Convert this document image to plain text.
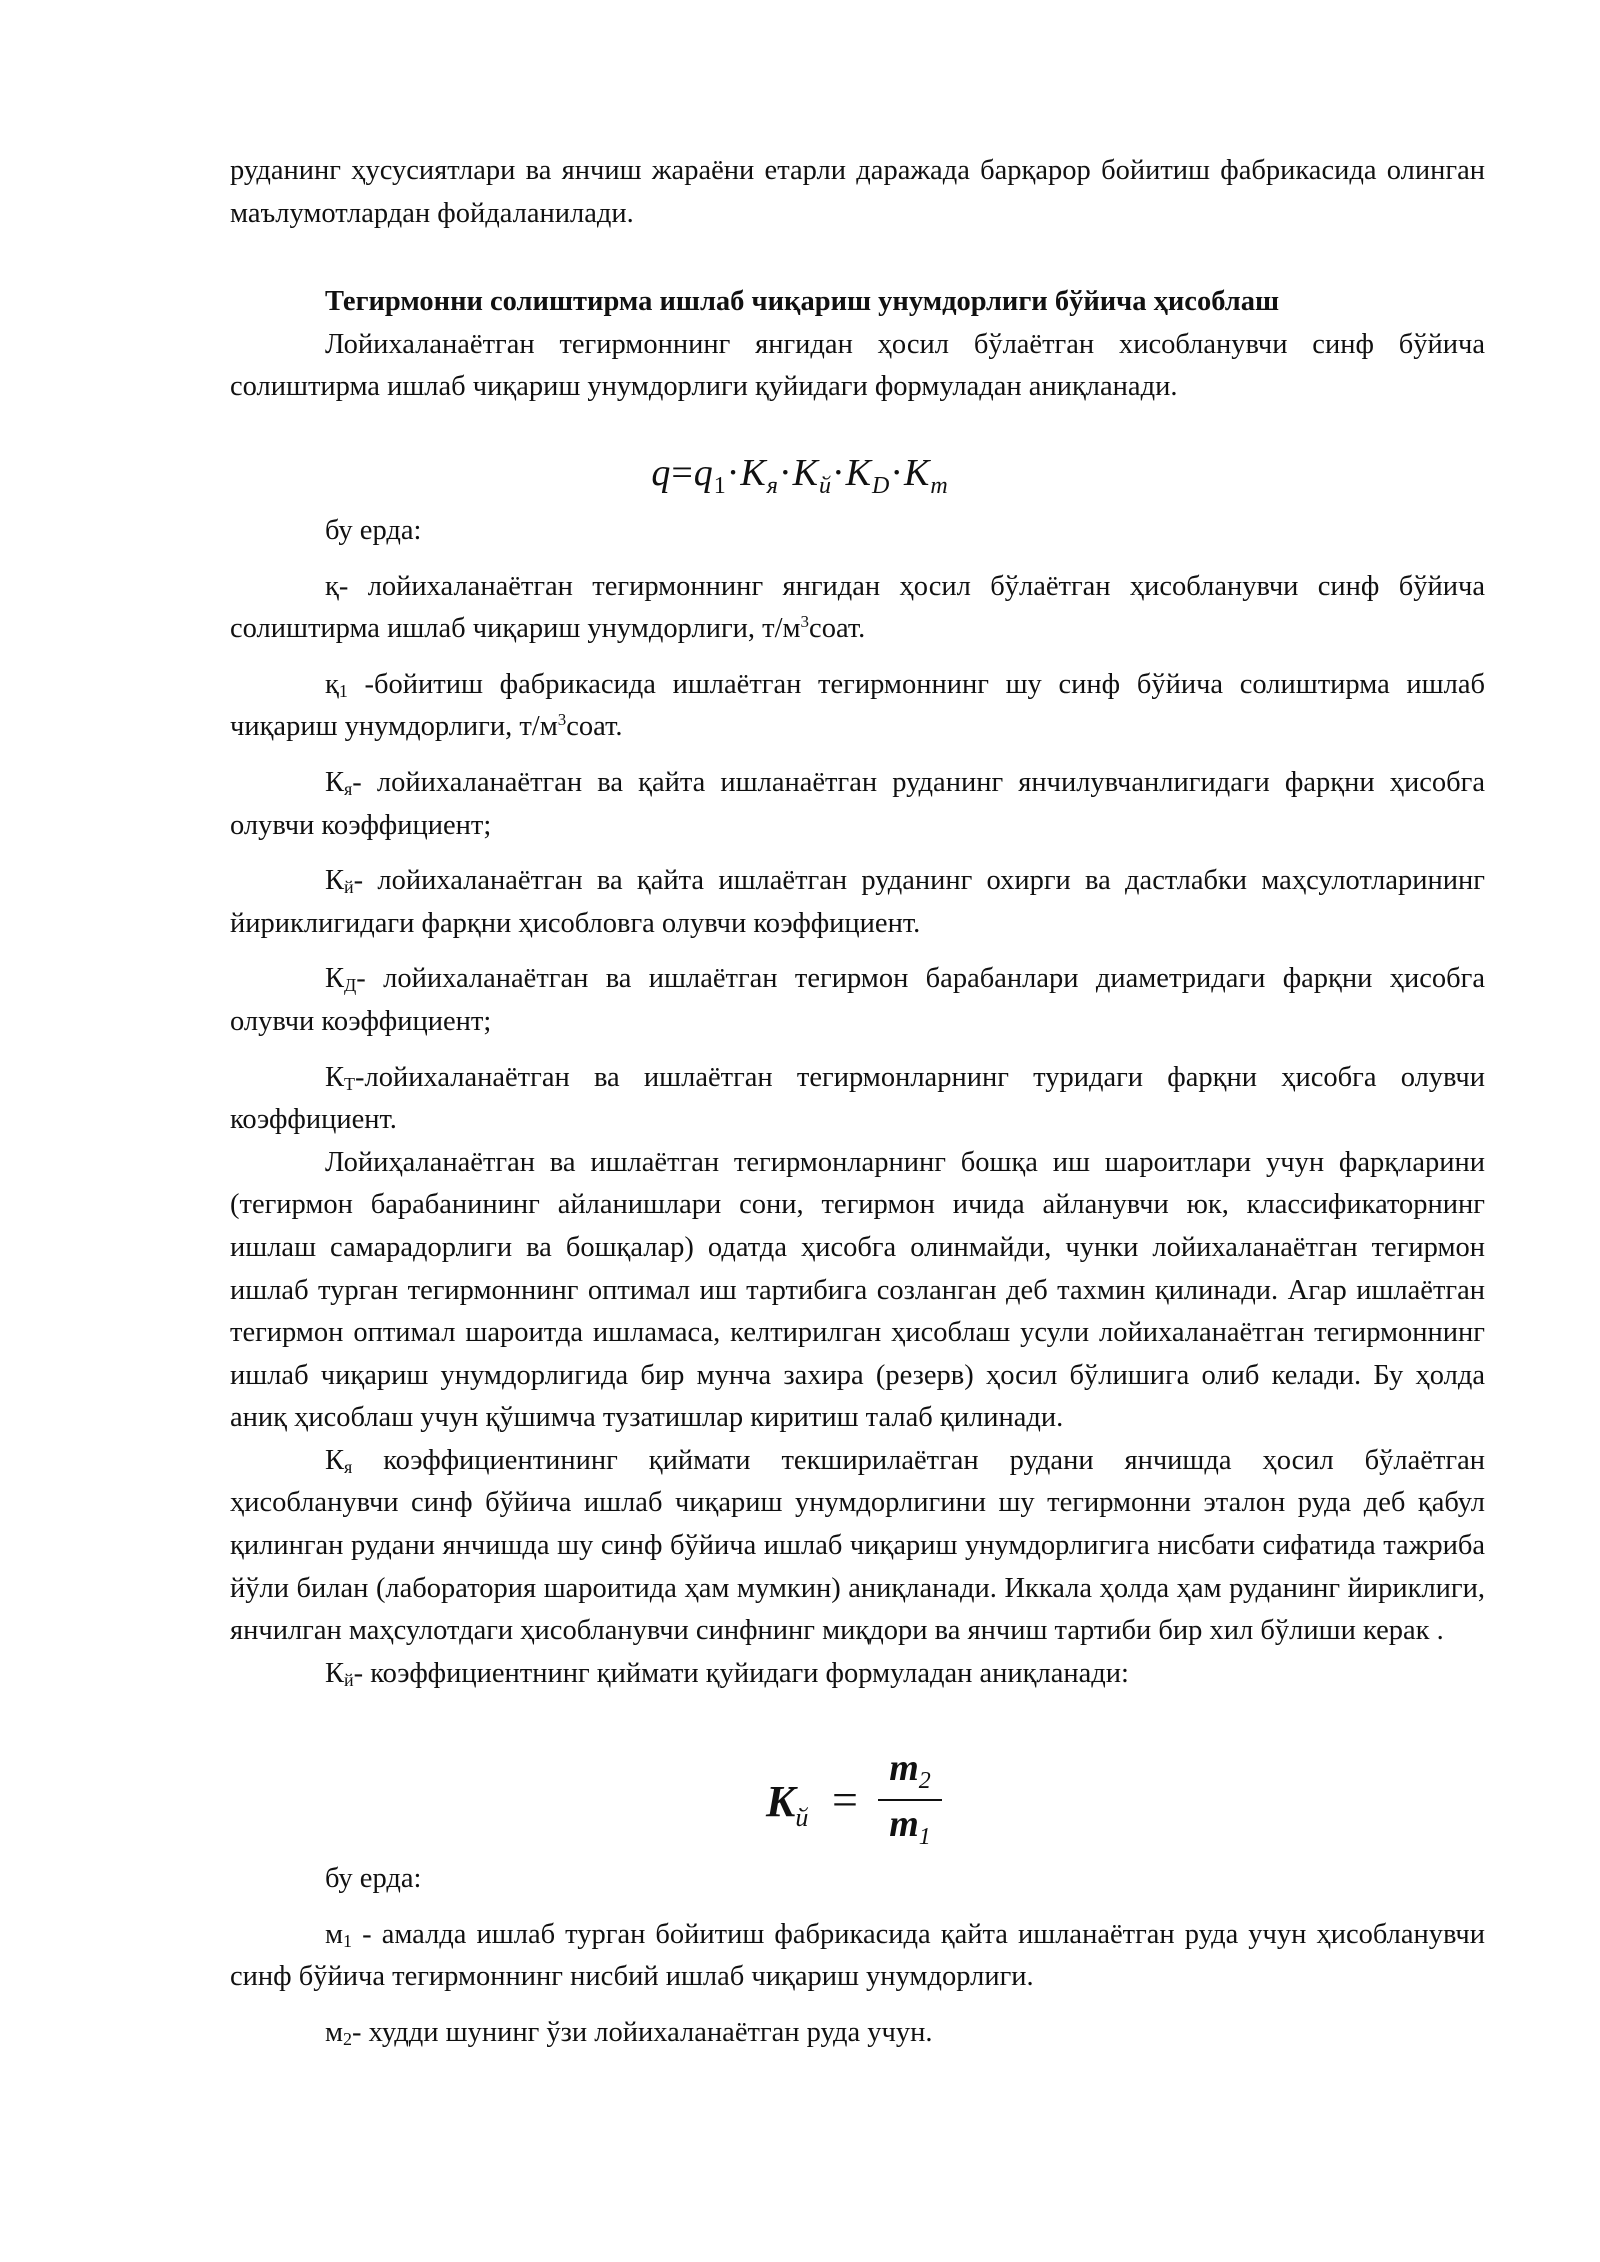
руданинг ҳусусиятлари ва янчиш жараёни етарли даражада барқарор бойитиш фабрикасида олинган маълумотлардан фойдаланилади.

Тегирмонни солиштирма ишлаб чиқариш унумдорлиги бўйича ҳисоблаш

Лойихаланаётган тегирмоннинг янгидан ҳосил бўлаётган хисобланувчи синф бўйича солиштирма ишлаб чиқариш унумдорлиги қуйидаги формуладан аниқланади.

$q=q_1\cdot K_я\cdot K_й\cdot K_D\cdot K_m$

бу ерда:

қ- лойихаланаётган тегирмоннинг янгидан ҳосил бўлаётган ҳисобланувчи синф бўйича солиштирма ишлаб чиқариш унумдорлиги, $т/м^3соат$.

$қ_1$ -бойитиш фабрикасида ишлаётган тегирмоннинг шу синф бўйича солиштирма ишлаб чиқариш унумдорлиги, $т/м^3соат$.

$К_я-$ лойихаланаётган ва қайта ишланаётган руданинг янчилувчанлигидаги фарқни ҳисобга олувчи коэффициент;

$К_й-$ лойихаланаётган ва қайта ишлаётган руданинг охирги ва дастлабки маҳсулотларининг йириклигидаги фарқни ҳисобловга олувчи коэффициент.

$К_Д-$ лойихаланаётган ва ишлаётган тегирмон барабанлари диаметридаги фарқни ҳисобга олувчи коэффициент;

$К_Т$-лойихаланаётган ва ишлаётган тегирмонларнинг туридаги фарқни ҳисобга олувчи коэффициент.

Лойиҳаланаётган ва ишлаётган тегирмонларнинг бошқа иш шароитлари учун фарқларини (тегирмон барабанининг айланишлари сони, тегирмон ичида айланувчи юк, классификаторнинг ишлаш самарадорлиги ва бошқалар) одатда ҳисобга олинмайди, чунки лойихаланаётган тегирмон ишлаб турган тегирмоннинг оптимал иш тартибига созланган деб тахмин қилинади. Агар ишлаётган тегирмон оптимал шароитда ишламаса, келтирилган ҳисоблаш усули лойихаланаётган тегирмоннинг ишлаб чиқариш унумдорлигида бир мунча захира (резерв) ҳосил бўлишига олиб келади. Бу ҳолда аниқ ҳисоблаш учун қўшимча тузатишлар киритиш талаб қилинади.

$К_я$ коэффициентининг қиймати текширилаётган рудани янчишда ҳосил бўлаётган ҳисобланувчи синф бўйича ишлаб чиқариш унумдорлигини шу тегирмонни эталон руда деб қабул қилинган рудани янчишда шу синф бўйича ишлаб чиқариш унумдорлигига нисбати сифатида тажриба йўли билан (лаборатория шароитида ҳам мумкин) аниқланади. Иккала ҳолда ҳам руданинг йириклиги, янчилган маҳсулотдаги ҳисобланувчи синфнинг миқдори ва янчиш тартиби бир хил бўлиши керак .

$К_й-$ коэффициентнинг қиймати қуйидаги формуладан аниқланади:

$K_й$ =
$m_2$
$m_1$

бу ерда:

$м_1$ - амалда ишлаб турган бойитиш фабрикасида қайта ишланаётган руда учун ҳисобланувчи синф бўйича тегирмоннинг нисбий ишлаб чиқариш унумдорлиги.

$м_2-$ худди шунинг ўзи лойихаланаётган руда учун.
